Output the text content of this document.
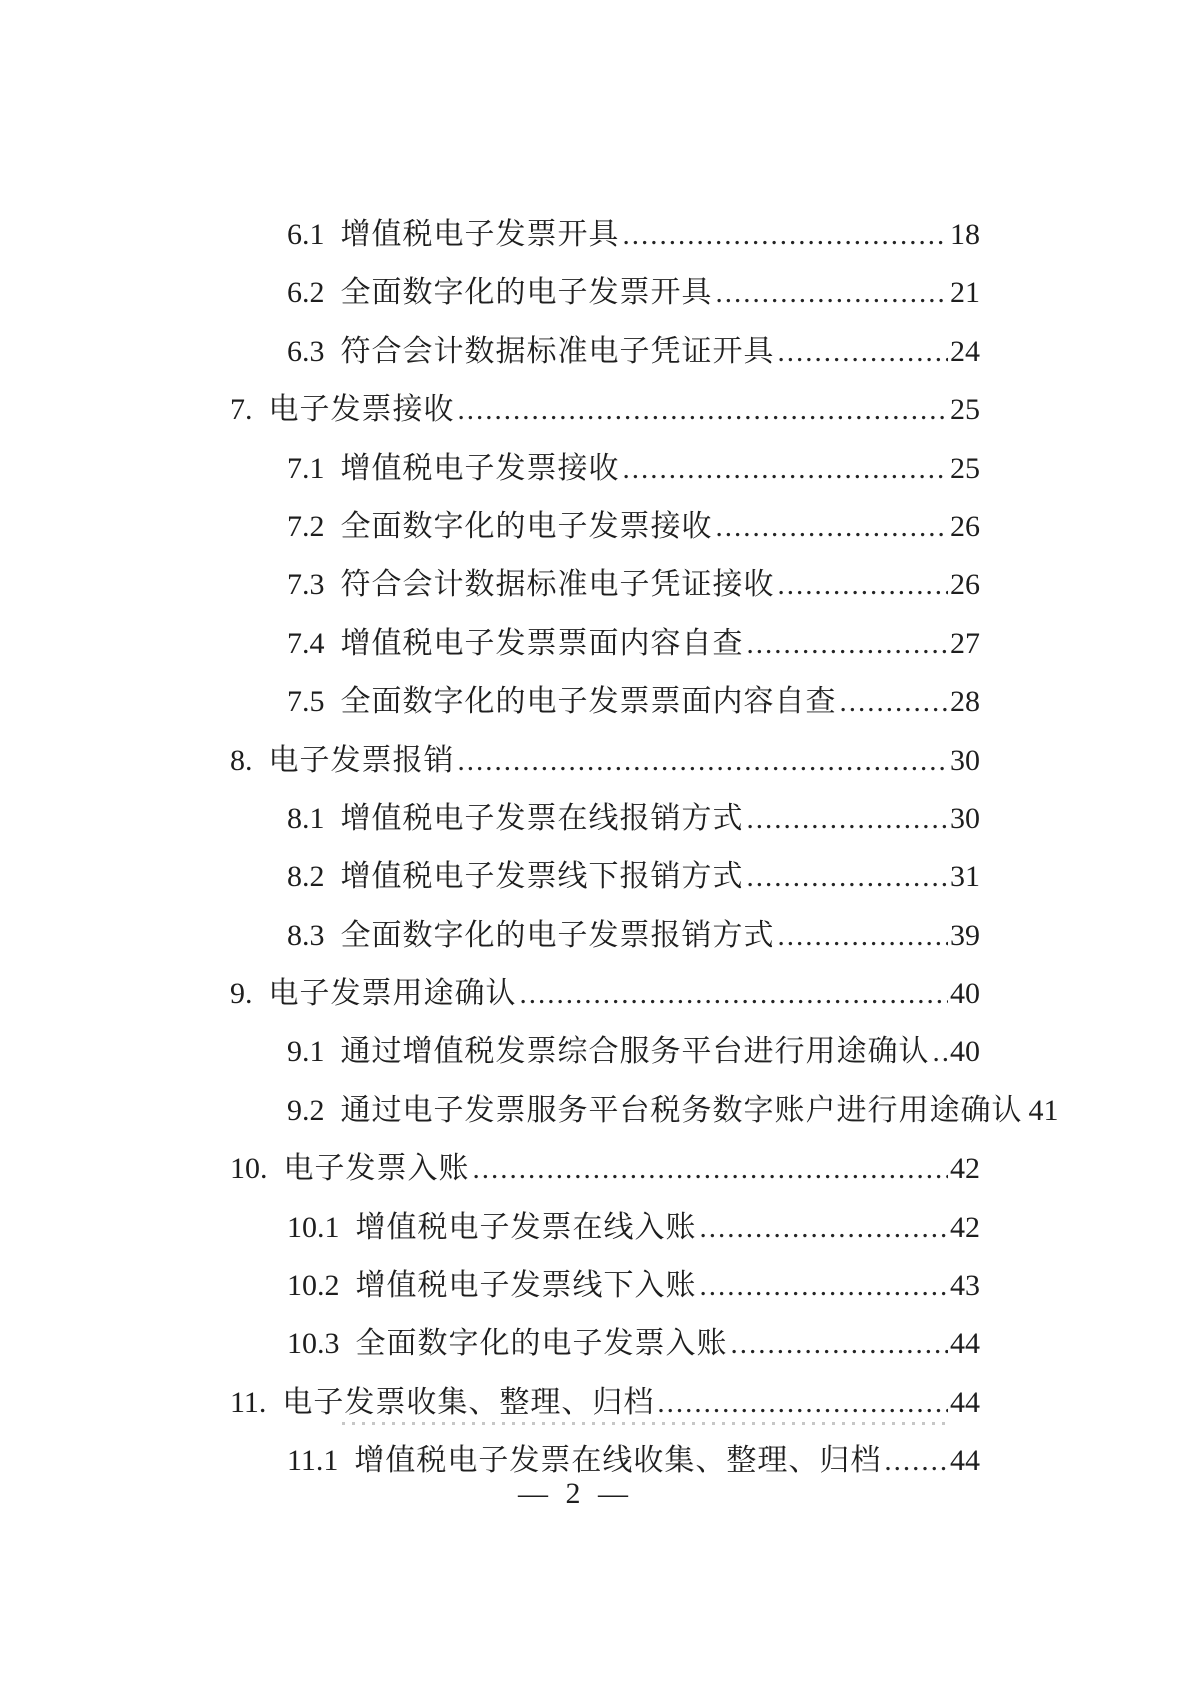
6.1 增值税电子发票开具 .....	18
6.2 全面数字化的电子发票开具 .....	21
6.3 符合会计数据标准电子凭证开具 .....	24
7. 电子发票接收 .....	25
7.1 增值税电子发票接收 .....	25
7.2 全面数字化的电子发票接收 .....	26
7.3 符合会计数据标准电子凭证接收 .....	26
7.4 增值税电子发票票面内容自查 .....	27
7.5 全面数字化的电子发票票面内容自查 .....	28
8. 电子发票报销 .....	30
8.1 增值税电子发票在线报销方式 .....	30
8.2 增值税电子发票线下报销方式 .....	31
8.3 全面数字化的电子发票报销方式 .....	39
9. 电子发票用途确认 .....	40
9.1 通过增值税发票综合服务平台进行用途确认 ..... 40
9.2 通过电子发票服务平台税务数字账户进行用途确认 ..... 41
10. 电子发票入账 .....	42
10.1 增值税电子发票在线入账 .....	42
10.2 增值税电子发票线下入账 .....	43
10.3 全面数字化的电子发票入账 .....	44
11. 电子发票收集、整理、归档 .....	44
11.1 增值税电子发票在线收集、整理、归档 ..... 44
— 2 —
